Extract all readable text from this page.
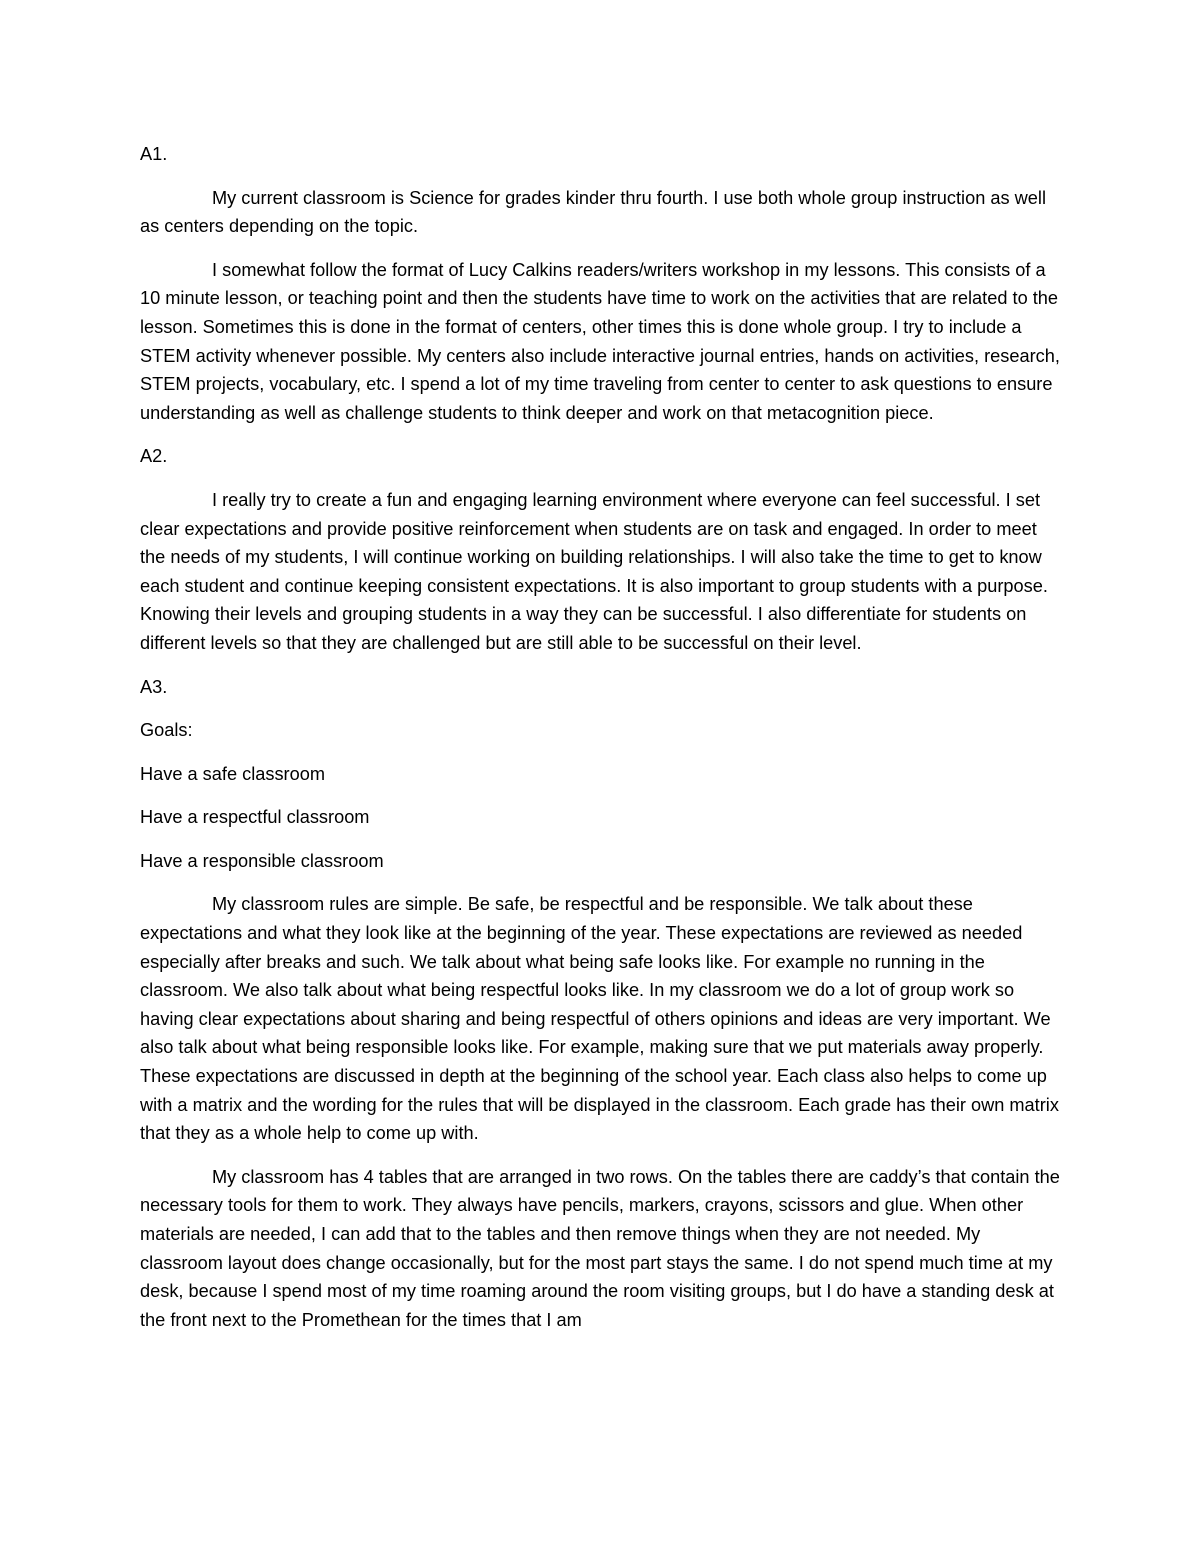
A1.

My current classroom is Science for grades kinder thru fourth. I use both whole group instruction as well as centers depending on the topic.

I somewhat follow the format of Lucy Calkins readers/writers workshop in my lessons. This consists of a 10 minute lesson, or teaching point and then the students have time to work on the activities that are related to the lesson. Sometimes this is done in the format of centers, other times this is done whole group. I try to include a STEM activity whenever possible. My centers also include interactive journal entries, hands on activities, research, STEM projects, vocabulary, etc. I spend a lot of my time traveling from center to center to ask questions to ensure understanding as well as challenge students to think deeper and work on that metacognition piece.

A2.

I really try to create a fun and engaging learning environment where everyone can feel successful. I set clear expectations and provide positive reinforcement when students are on task and engaged. In order to meet the needs of my students, I will continue working on building relationships. I will also take the time to get to know each student and continue keeping consistent expectations. It is also important to group students with a purpose. Knowing their levels and grouping students in a way they can be successful. I also differentiate for students on different levels so that they are challenged but are still able to be successful on their level.

A3.

Goals:

Have a safe classroom

Have a respectful classroom

Have a responsible classroom

My classroom rules are simple. Be safe, be respectful and be responsible. We talk about these expectations and what they look like at the beginning of the year. These expectations are reviewed as needed especially after breaks and such. We talk about what being safe looks like. For example no running in the classroom. We also talk about what being respectful looks like. In my classroom we do a lot of group work so having clear expectations about sharing and being respectful of others opinions and ideas are very important. We also talk about what being responsible looks like. For example, making sure that we put materials away properly. These expectations are discussed in depth at the beginning of the school year. Each class also helps to come up with a matrix and the wording for the rules that will be displayed in the classroom. Each grade has their own matrix that they as a whole help to come up with.

My classroom has 4 tables that are arranged in two rows. On the tables there are caddy’s that contain the necessary tools for them to work. They always have pencils, markers, crayons, scissors and glue. When other materials are needed, I can add that to the tables and then remove things when they are not needed. My classroom layout does change occasionally, but for the most part stays the same. I do not spend much time at my desk, because I spend most of my time roaming around the room visiting groups, but I do have a standing desk at the front next to the Promethean for the times that I am
